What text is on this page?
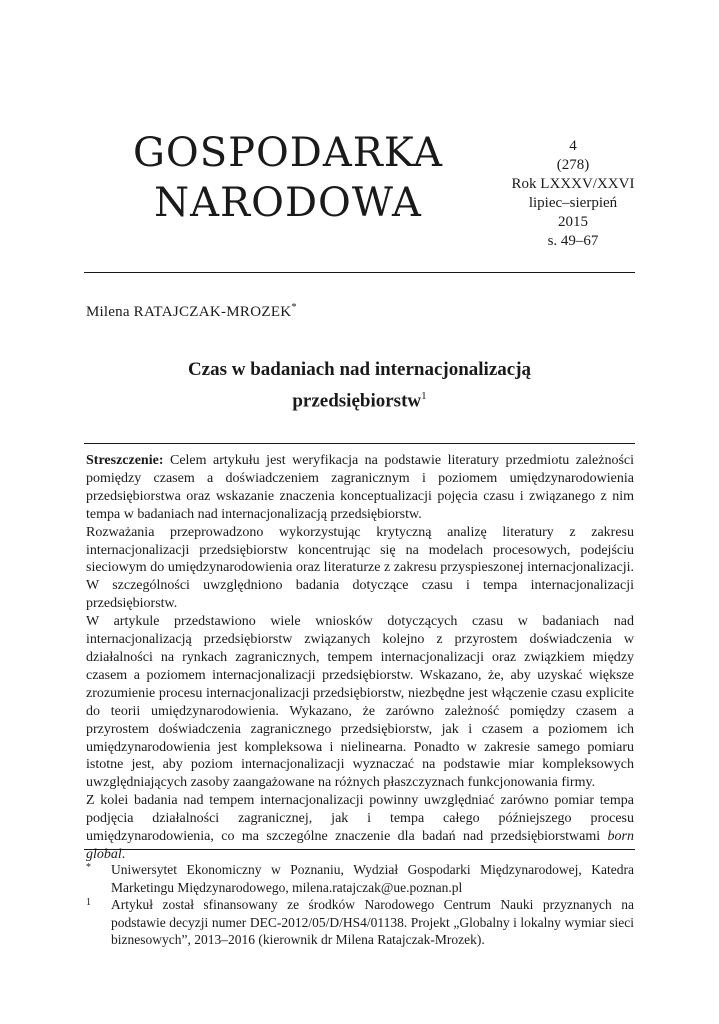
GOSPODARKA
NARODOWA
4
(278)
Rok LXXXV/XXVI
lipiec–sierpień
2015
s. 49–67
Milena RATAJCZAK-MROZEK*
Czas w badaniach nad internacjonalizacją
przedsiębiorstw$^1$

Streszczenie: Celem artykułu jest weryfikacja na podstawie literatury przedmiotu zależności pomiędzy czasem a doświadczeniem zagranicznym i poziomem umiędzynarodowienia przedsiębiorstwa oraz wskazanie znaczenia konceptualizacji pojęcia czasu i związanego z nim tempa w badaniach nad internacjonalizacją przedsiębiorstw.

Rozważania przeprowadzono wykorzystując krytyczną analizę literatury z zakresu internacjonalizacji przedsiębiorstw koncentrując się na modelach procesowych, podejściu sieciowym do umiędzynarodowienia oraz literaturze z zakresu przyspieszonej internacjonalizacji. W szczególności uwzględniono badania dotyczące czasu i tempa internacjonalizacji przedsiębiorstw.

W artykule przedstawiono wiele wniosków dotyczących czasu w badaniach nad internacjonalizacją przedsiębiorstw związanych kolejno z przyrostem doświadczenia w działalności na rynkach zagranicznych, tempem internacjonalizacji oraz związkiem między czasem a poziomem internacjonalizacji przedsiębiorstw. Wskazano, że, aby uzyskać większe zrozumienie procesu internacjonalizacji przedsiębiorstw, niezbędne jest włączenie czasu explicite do teorii umiędzynarodowienia. Wykazano, że zarówno zależność pomiędzy czasem a przyrostem doświadczenia zagranicznego przedsiębiorstw, jak i czasem a poziomem ich umiędzynarodowienia jest kompleksowa i nielinearna. Ponadto w zakresie samego pomiaru istotne jest, aby poziom internacjonalizacji wyznaczać na podstawie miar kompleksowych uwzględniających zasoby zaangażowane na różnych płaszczyznach funkcjonowania firmy.

Z kolei badania nad tempem internacjonalizacji powinny uwzględniać zarówno pomiar tempa podjęcia działalności zagranicznej, jak i tempa całego późniejszego procesu umiędzynarodowienia, co ma szczególne znaczenie dla badań nad przedsiębiorstwami born global.

* Uniwersytet Ekonomiczny w Poznaniu, Wydział Gospodarki Międzynarodowej, Katedra Marketingu Międzynarodowego, milena.ratajczak@ue.poznan.pl
1 Artykuł został sfinansowany ze środków Narodowego Centrum Nauki przyznanych na podstawie decyzji numer DEC-2012/05/D/HS4/01138. Projekt „Globalny i lokalny wymiar sieci biznesowych”, 2013–2016 (kierownik dr Milena Ratajczak-Mrozek).
